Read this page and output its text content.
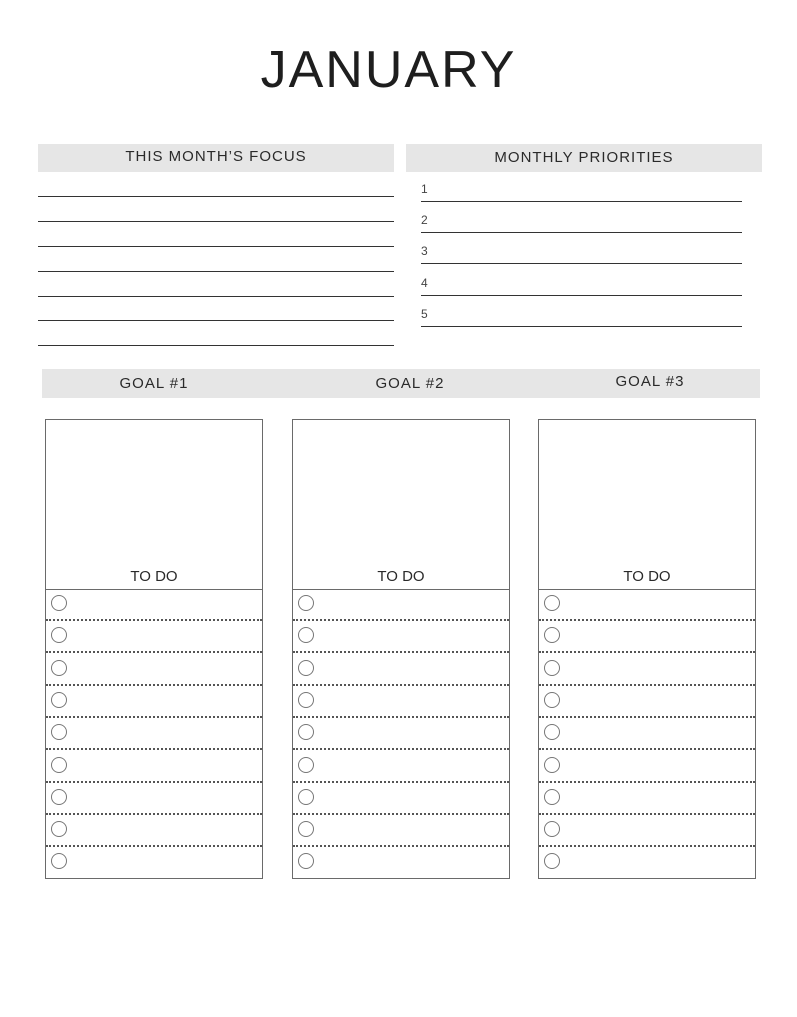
JANUARY
THIS MONTH’S FOCUS	MONTHLY PRIORITIES
1
2
3
4
5
GOAL #1	GOAL #2	GOAL #3
TO DO	TO DO	TO DO
